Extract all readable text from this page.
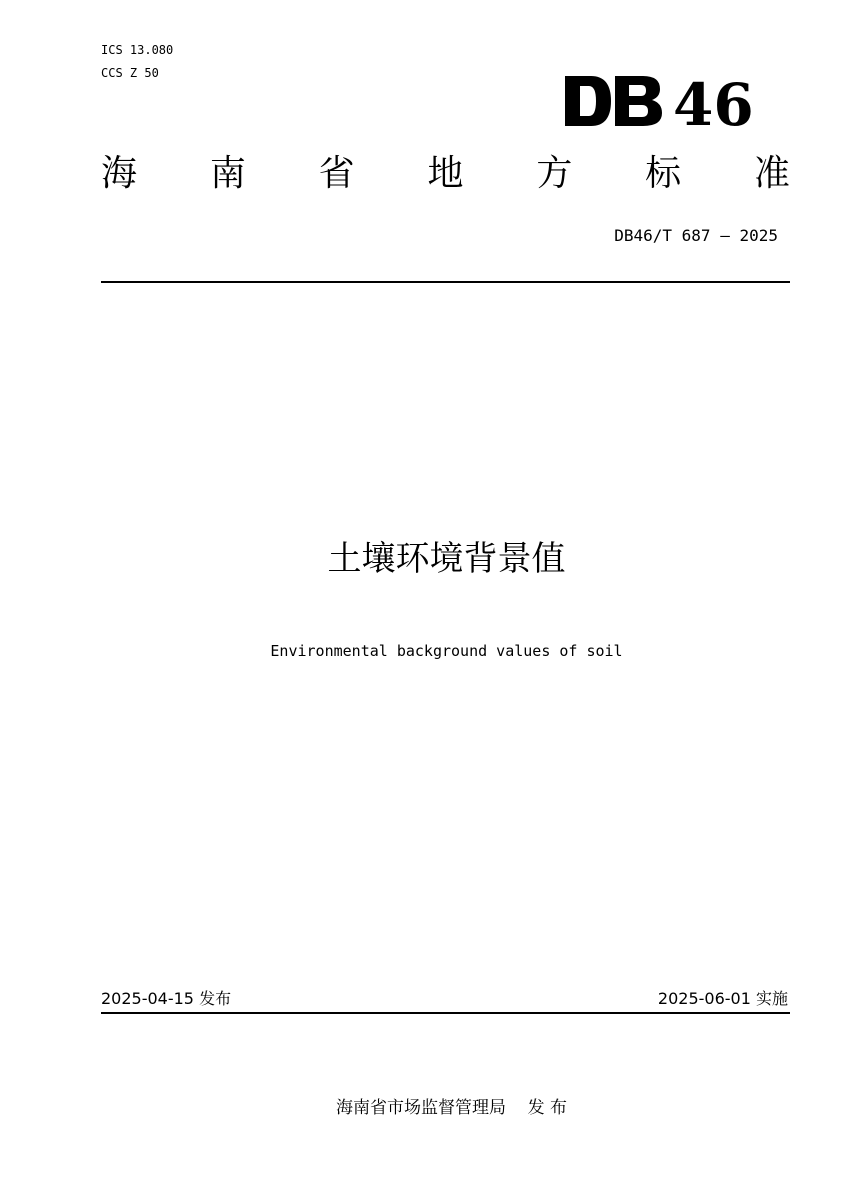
ICS 13.080
CCS Z 50	46
海 南 省 地 方 标 准
DB46/T 687 — 2025
土壤环境背景值
Environmental background values of soil
2025-04-15 发布	2025-06-01 实施
海南省市场监督管理局 发 布
